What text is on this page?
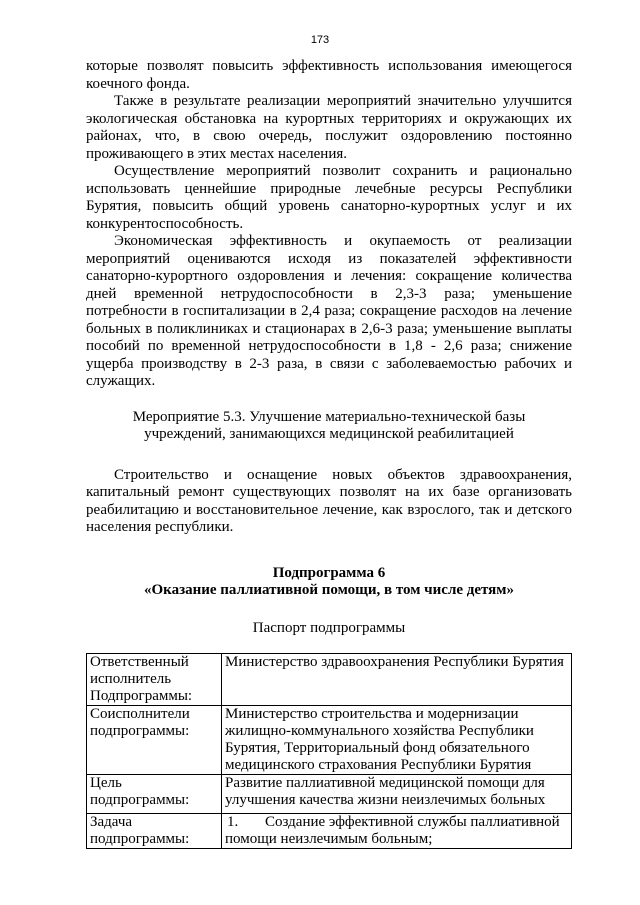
173

которые позволят повысить эффективность использования имеющегося коечного фонда.

Также в результате реализации мероприятий значительно улучшится экологическая обстановка на курортных территориях и окружающих их районах, что, в свою очередь, послужит оздоровлению постоянно проживающего в этих местах населения.

Осуществление мероприятий позволит сохранить и рационально использовать ценнейшие природные лечебные ресурсы Республики Бурятия, повысить общий уровень санаторно-курортных услуг и их конкурентоспособность.

Экономическая эффективность и окупаемость от реализации мероприятий оцениваются исходя из показателей эффективности санаторно-курортного оздоровления и лечения: сокращение количества дней временной нетрудоспособности в 2,3-3 раза; уменьшение потребности в госпитализации в 2,4 раза; сокращение расходов на лечение больных в поликлиниках и стационарах в 2,6-3 раза; уменьшение выплаты пособий по временной нетрудоспособности в 1,8 - 2,6 раза; снижение ущерба производству в 2-3 раза, в связи с заболеваемостью рабочих и служащих.

Мероприятие 5.3. Улучшение материально-технической базы
учреждений, занимающихся медицинской реабилитацией

Строительство и оснащение новых объектов здравоохранения, капитальный ремонт существующих позволят на их базе организовать реабилитацию и восстановительное лечение, как взрослого, так и детского населения республики.

Подпрограмма 6
«Оказание паллиативной помощи, в том числе детям»
Паспорт подпрограммы
Ответственный исполнитель Подпрограммы:	Министерство здравоохранения Республики Бурятия
Соисполнители подпрограммы:	Министерство строительства и модернизации жилищно-коммунального хозяйства Республики Бурятия, Территориальный фонд обязательного медицинского страхования Республики Бурятия
Цель подпрограммы:	Развитие паллиативной медицинской помощи для улучшения качества жизни неизлечимых больных
Задача подпрограммы:	1. Создание эффективной службы паллиативной помощи неизлечимым больным;
